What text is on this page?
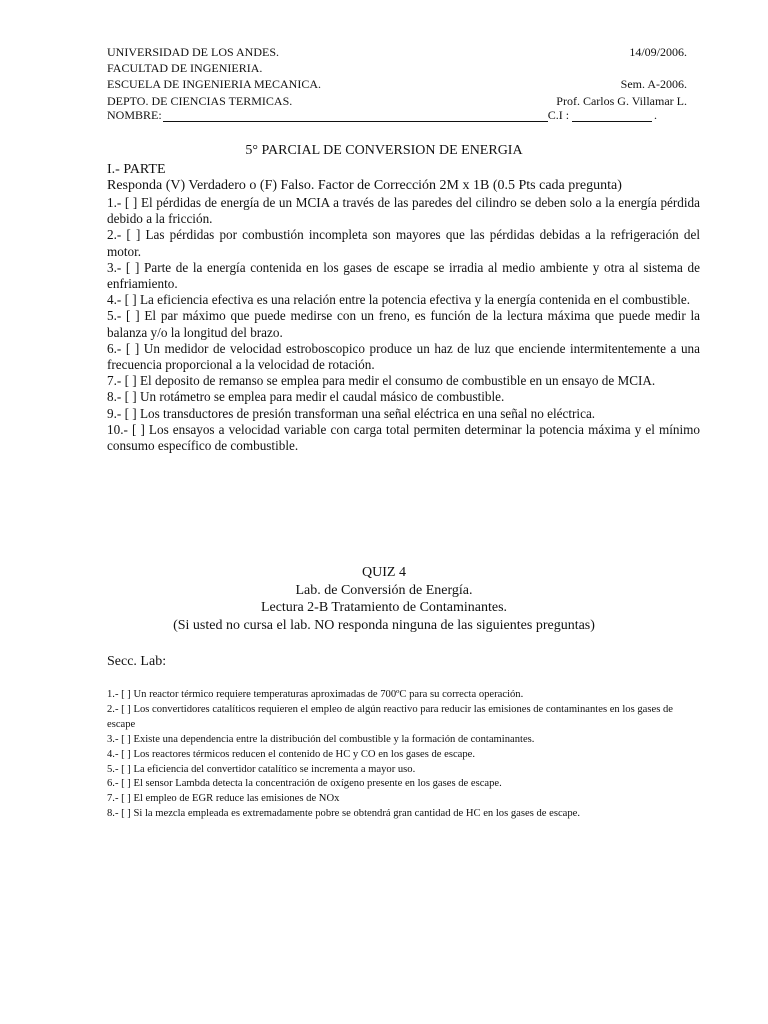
UNIVERSIDAD DE LOS ANDES.	14/09/2006.
FACULTAD DE INGENIERIA.
ESCUELA DE INGENIERIA MECANICA.	Sem. A-2006.
DEPTO. DE CIENCIAS TERMICAS.	Prof. Carlos G. Villamar L.
NOMBRE:	C.I :	.
5° PARCIAL DE CONVERSION DE ENERGIA
I.- PARTE
Responda (V) Verdadero o (F) Falso. Factor de Corrección 2M x 1B (0.5 Pts cada pregunta)

1.- [ ] El pérdidas de energía de un MCIA a través de las paredes del cilindro se deben solo a la energía pérdida debido a la fricción.

2.- [ ] Las pérdidas por combustión incompleta son mayores que las pérdidas debidas a la refrigeración del motor.

3.- [ ] Parte de la energía contenida en los gases de escape se irradia al medio ambiente y otra al sistema de enfriamiento.

4.- [ ] La eficiencia efectiva es una relación entre la potencia efectiva y la energía contenida en el combustible.

5.- [ ] El par máximo que puede medirse con un freno, es función de la lectura máxima que puede medir la balanza y/o la longitud del brazo.

6.- [ ] Un medidor de velocidad estroboscopico produce un haz de luz que enciende intermitentemente a una frecuencia proporcional a la velocidad de rotación.

7.- [ ] El deposito de remanso se emplea para medir el consumo de combustible en un ensayo de MCIA.

8.- [ ] Un rotámetro se emplea para medir el caudal másico de combustible.

9.- [ ] Los transductores de presión transforman una señal eléctrica en una señal no eléctrica.

10.- [ ] Los ensayos a velocidad variable con carga total permiten determinar la potencia máxima y el mínimo consumo específico de combustible.

QUIZ 4
Lab. de Conversión de Energía.
Lectura 2-B Tratamiento de Contaminantes.
(Si usted no cursa el lab. NO responda ninguna de las siguientes preguntas)
Secc. Lab:

1.- [ ] Un reactor térmico requiere temperaturas aproximadas de 700ºC para su correcta operación.

2.- [ ] Los convertidores catalíticos requieren el empleo de algún reactivo para reducir las emisiones de contaminantes en los gases de escape

3.- [ ] Existe una dependencia entre la distribución del combustible y la formación de contaminantes.

4.- [ ] Los reactores térmicos reducen el contenido de HC y CO en los gases de escape.

5.- [ ] La eficiencia del convertidor catalítico se incrementa a mayor uso.

6.- [ ] El sensor Lambda detecta la concentración de oxígeno presente en los gases de escape.

7.- [ ] El empleo de EGR reduce las emisiones de NOx

8.- [ ] Si la mezcla empleada es extremadamente pobre se obtendrá gran cantidad de HC en los gases de escape.
